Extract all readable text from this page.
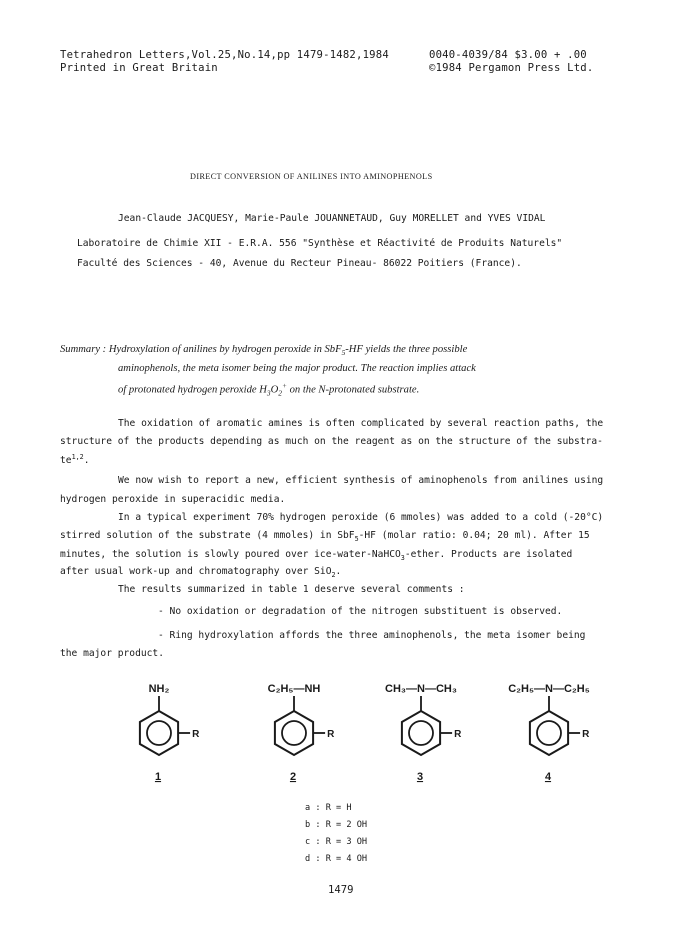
Tetrahedron Letters,Vol.25,No.14,pp 1479-1482,1984
Printed in Great Britain
0040-4039/84 $3.00 + .00
©1984 Pergamon Press Ltd.
DIRECT CONVERSION OF ANILINES INTO AMINOPHENOLS
Jean-Claude JACQUESY, Marie-Paule JOUANNETAUD, Guy MORELLET and YVES VIDAL
Laboratoire de Chimie XII - E.R.A. 556 "Synthèse et Réactivité de Produits Naturels"
Faculté des Sciences - 40, Avenue du Recteur Pineau- 86022 Poitiers (France).
Summary : Hydroxylation of anilines by hydrogen peroxide in SbF$_5$-HF yields the three possible
aminophenols, the meta isomer being the major product. The reaction implies attack
of protonated hydrogen peroxide $H_3O_2^+$ on the N-protonated substrate.
The oxidation of aromatic amines is often complicated by several reaction paths, the
structure of the products depending as much on the reagent as on the structure of the substra-
te$^{1,2}$.
We now wish to report a new, efficient synthesis of aminophenols from anilines using
hydrogen peroxide in superacidic media.
In a typical experiment 70% hydrogen peroxide (6 mmoles) was added to a cold (-20°C)
stirred solution of the substrate (4 mmoles) in SbF$_5$-HF (molar ratio: 0.04; 20 ml). After 15
minutes, the solution is slowly poured over ice-water-NaHCO$_3$-ether. Products are isolated
after usual work-up and chromatography over SiO$_2$.
The results summarized in table 1 deserve several comments :
- No oxidation or degradation of the nitrogen substituent is observed.
- Ring hydroxylation affords the three aminophenols, the meta isomer being
the major product.
R
NH₂
1
R
C₂H₅—NH
2
R
CH₃—N—CH₃
3
R
C₂H₅—N—C₂H₅
4
a : R = H
b : R = 2 OH
c : R = 3 OH
d : R = 4 OH
1479
